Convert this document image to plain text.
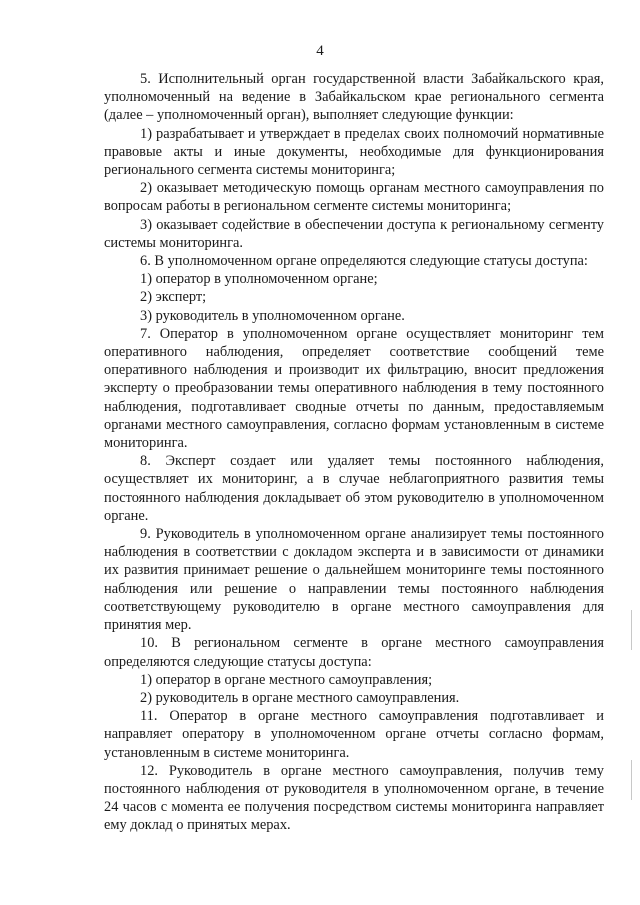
4

5. Исполнительный орган государственной власти Забайкальского края, уполномоченный на ведение в Забайкальском крае регионального сегмента (далее – уполномоченный орган), выполняет следующие функции:

1) разрабатывает и утверждает в пределах своих полномочий нормативные правовые акты и иные документы, необходимые для функционирования регионального сегмента системы мониторинга;

2) оказывает методическую помощь органам местного самоуправления по вопросам работы в региональном сегменте системы мониторинга;

3) оказывает содействие в обеспечении доступа к региональному сегменту системы мониторинга.

6. В уполномоченном органе определяются следующие статусы доступа:

1) оператор в уполномоченном органе;

2) эксперт;

3) руководитель в уполномоченном органе.

7. Оператор в уполномоченном органе осуществляет мониторинг тем оперативного наблюдения, определяет соответствие сообщений теме оперативного наблюдения и производит их фильтрацию, вносит предложения эксперту о преобразовании темы оперативного наблюдения в тему постоянного наблюдения, подготавливает сводные отчеты по данным, предоставляемым органами местного самоуправления, согласно формам установленным в системе мониторинга.

8. Эксперт создает или удаляет темы постоянного наблюдения, осуществляет их мониторинг, а в случае неблагоприятного развития темы постоянного наблюдения докладывает об этом руководителю в уполномоченном органе.

9. Руководитель в уполномоченном органе анализирует темы постоянного наблюдения в соответствии с докладом эксперта и в зависимости от динамики их развития принимает решение о дальнейшем мониторинге темы постоянного наблюдения или решение о направлении темы постоянного наблюдения соответствующему руководителю в органе местного самоуправления для принятия мер.

10. В региональном сегменте в органе местного самоуправления определяются следующие статусы доступа:

1) оператор в органе местного самоуправления;

2) руководитель в органе местного самоуправления.

11. Оператор в органе местного самоуправления подготавливает и направляет оператору в уполномоченном органе отчеты согласно формам, установленным в системе мониторинга.

12. Руководитель в органе местного самоуправления, получив тему постоянного наблюдения от руководителя в уполномоченном органе, в течение 24 часов с момента ее получения посредством системы мониторинга направляет ему доклад о принятых мерах.
